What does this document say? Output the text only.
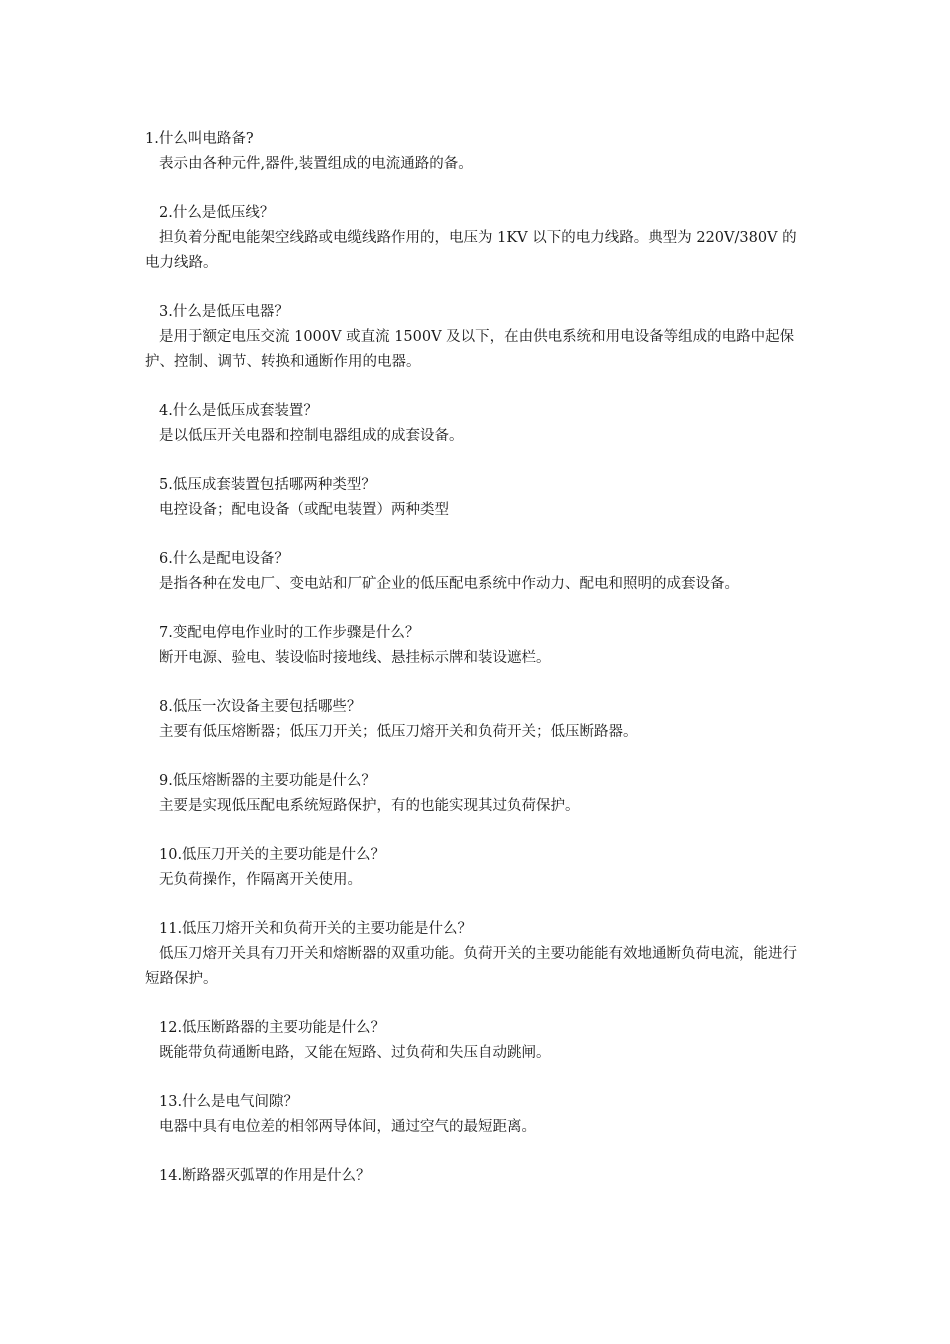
1.什么叫电路备?
表示由各种元件,器件,装置组成的电流通路的备。
2.什么是低压线？
担负着分配电能架空线路或电缆线路作用的，电压为 1KV 以下的电力线路。典型为 220V/380V 的电力线路。
3.什么是低压电器？
是用于额定电压交流 1000V 或直流 1500V 及以下，在由供电系统和用电设备等组成的电路中起保护、控制、调节、转换和通断作用的电器。
4.什么是低压成套装置？
是以低压开关电器和控制电器组成的成套设备。
5.低压成套装置包括哪两种类型？
电控设备；配电设备（或配电装置）两种类型
6.什么是配电设备？
是指各种在发电厂、变电站和厂矿企业的低压配电系统中作动力、配电和照明的成套设备。
7.变配电停电作业时的工作步骤是什么？
断开电源、验电、装设临时接地线、悬挂标示牌和装设遮栏。
8.低压一次设备主要包括哪些？
主要有低压熔断器；低压刀开关；低压刀熔开关和负荷开关；低压断路器。
9.低压熔断器的主要功能是什么？
主要是实现低压配电系统短路保护，有的也能实现其过负荷保护。
10.低压刀开关的主要功能是什么？
无负荷操作，作隔离开关使用。
11.低压刀熔开关和负荷开关的主要功能是什么？
低压刀熔开关具有刀开关和熔断器的双重功能。负荷开关的主要功能能有效地通断负荷电流，能进行短路保护。
12.低压断路器的主要功能是什么？
既能带负荷通断电路，又能在短路、过负荷和失压自动跳闸。
13.什么是电气间隙？
电器中具有电位差的相邻两导体间，通过空气的最短距离。
14.断路器灭弧罩的作用是什么？
